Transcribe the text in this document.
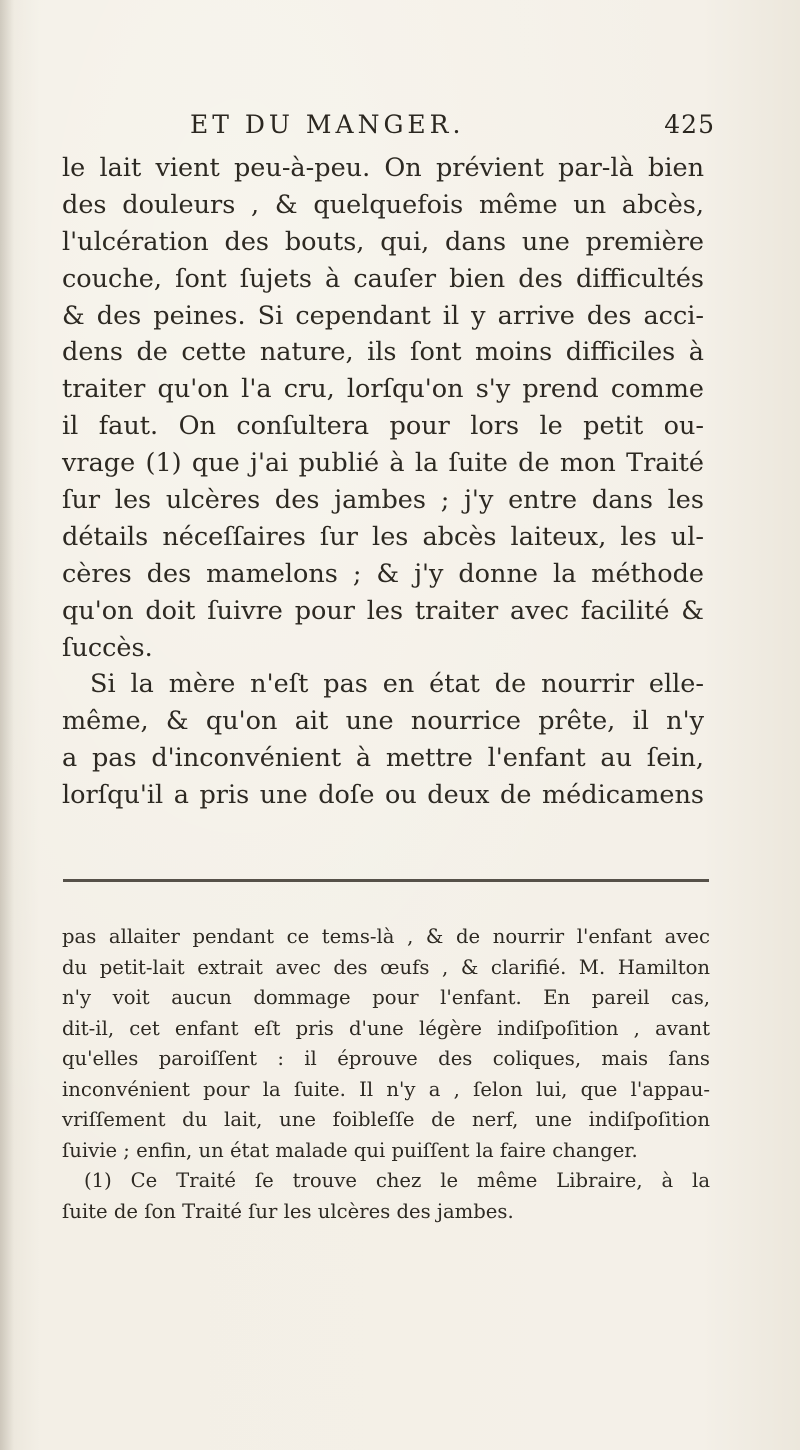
ET DU MANGER.	425
le lait vient peu-à-peu. On prévient par-là bien
des douleurs , & quelquefois même un abcès,
l'ulcération des bouts, qui, dans une première
couche, ſont ſujets à cauſer bien des difficultés
& des peines. Si cependant il y arrive des acci-
dens de cette nature, ils ſont moins difficiles à
traiter qu'on l'a cru, lorſqu'on s'y prend comme
il faut. On conſultera pour lors le petit ou-
vrage (1) que j'ai publié à la ſuite de mon Traité
ſur les ulcères des jambes ; j'y entre dans les
détails néceſſaires ſur les abcès laiteux, les ul-
cères des mamelons ; & j'y donne la méthode
qu'on doit ſuivre pour les traiter avec facilité &
ſuccès.
Si la mère n'eſt pas en état de nourrir elle-
même, & qu'on ait une nourrice prête, il n'y
a pas d'inconvénient à mettre l'enfant au ſein,
lorſqu'il a pris une doſe ou deux de médicamens
pas allaiter pendant ce tems-là , & de nourrir l'enfant avec
du petit-lait extrait avec des œufs , & clarifié. M. Hamilton
n'y voit aucun dommage pour l'enfant. En pareil cas,
dit-il, cet enfant eſt pris d'une légère indiſpoſition , avant
qu'elles paroiſſent : il éprouve des coliques, mais ſans
inconvénient pour la ſuite. Il n'y a , ſelon lui, que l'appau-
vriſſement du lait, une foibleſſe de nerf, une indiſpoſition
ſuivie ; enfin, un état malade qui puiſſent la faire changer.
(1) Ce Traité ſe trouve chez le même Libraire, à la
ſuite de ſon Traité ſur les ulcères des jambes.
